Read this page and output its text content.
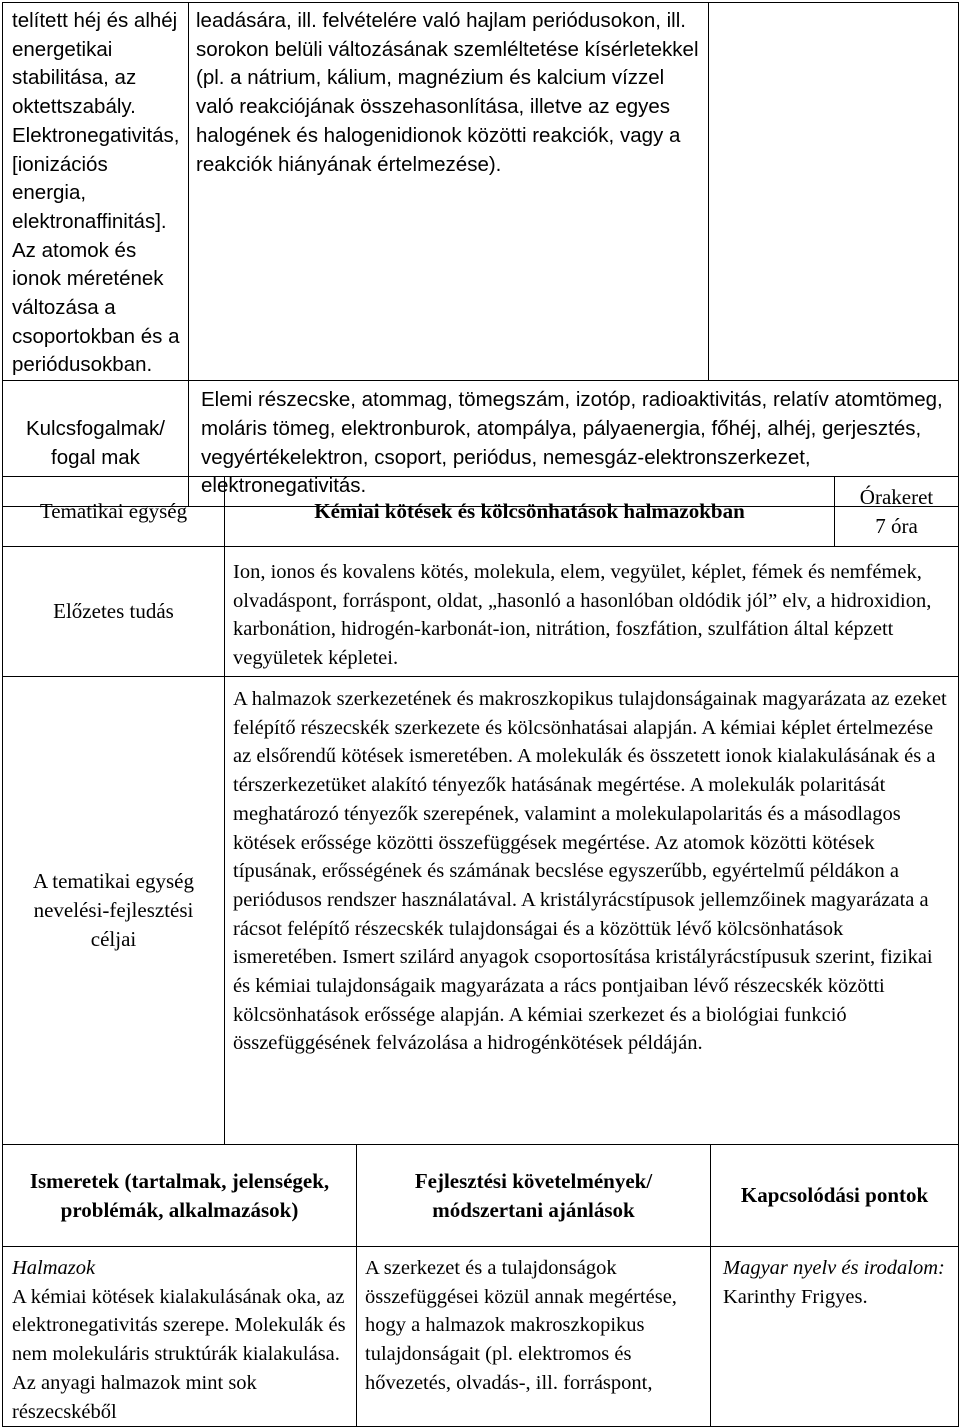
telített héj és alhéj energetikai stabilitása, az oktettszabály. Elektronegativitás, [ionizációs energia, elektronaffinitás]. Az atomok és ionok méretének változása a csoportokban és a periódusokban.	leadására, ill. felvételére való hajlam periódusokon, ill. sorokon belüli változásának szemléltetése kísérletekkel (pl. a nátrium, kálium, magnézium és kalcium vízzel való reakciójának összehasonlítása, illetve az egyes halogének és halogenidionok közötti reakciók, vagy a reakciók hiányának értelmezése).	

Kulcsfogalmak/ fogal mak	Elemi részecske, atommag, tömegszám, izotóp, radioaktivitás, relatív atomtömeg, moláris tömeg, elektronburok, atompálya, pályaenergia, főhéj, alhéj, gerjesztés, vegyértékelektron, csoport, periódus, nemesgáz-elektronszerkezet, elektronegativitás.	
Tematikai egység	Kémiai kötések és kölcsönhatások halmazokban			Órakeret
7 óra

Előzetes tudás	Ion, ionos és kovalens kötés, molekula, elem, vegyület, képlet, fémek és nemfémek, olvadáspont, forráspont, oldat, „hasonló a hasonlóban oldódik jól” elv, a hidroxidion, karbonátion, hidrogén-karbonát-ion, nitrátion, foszfátion, szulfátion által képzett vegyületek képletei.			

A tematikai egység nevelési-fejlesztési céljai	A halmazok szerkezetének és makroszkopikus tulajdonságainak magyarázata az ezeket felépítő részecskék szerkezete és kölcsönhatásai alapján. A kémiai képlet értelmezése az elsőrendű kötések ismeretében. A molekulák és összetett ionok kialakulásának és a térszerkezetüket alakító tényezők hatásának megértése. A molekulák polaritását meghatározó tényezők szerepének, valamint a molekulapolaritás és a másodlagos kötések erőssége közötti összefüggések megértése. Az atomok közötti kötések típusának, erősségének és számának becslése egyszerűbb, egyértelmű példákon a periódusos rendszer használatával. A kristályrácstípusok jellemzőinek magyarázata a rácsot felépítő részecskék tulajdonságai és a közöttük lévő kölcsönhatások ismeretében. Ismert szilárd anyagok csoportosítása kristályrácstípusuk szerint, fizikai és kémiai tulajdonságaik magyarázata a rács pontjaiban lévő részecskék közötti kölcsönhatások erőssége alapján. A kémiai szerkezet és a biológiai funkció összefüggésének felvázolása a hidrogénkötések példáján.			

Ismeretek (tartalmak, jelenségek, problémák, alkalmazások)		Fejlesztési követelmények/ módszertani ajánlások	Kapcsolódási pontok	

Halmazok
A kémiai kötések kialakulásának oka, az elektronegativitás szerepe. Molekulák és nem molekuláris struktúrák kialakulása. Az anyagi halmazok mint sok részecskéből		A szerkezet és a tulajdonságok összefüggései közül annak megértése, hogy a halmazok makroszkopikus tulajdonságait (pl. elektromos és hővezetés, olvadás-, ill. forráspont,	Magyar nyelv és irodalom: Karinthy Frigyes.	
